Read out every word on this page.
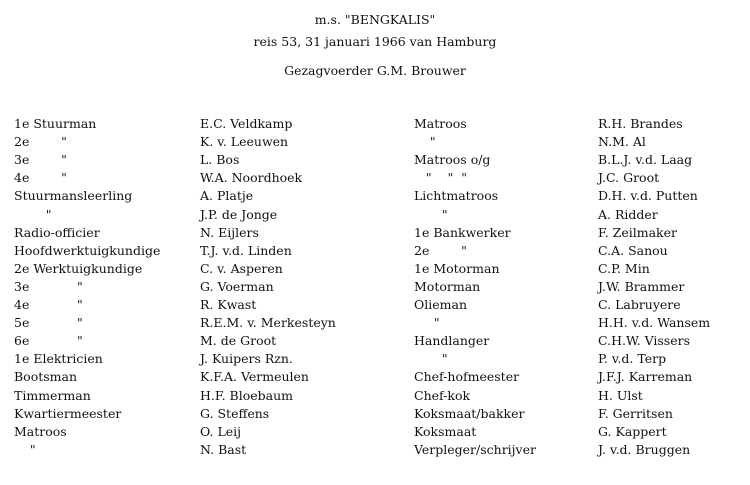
m.s. "BENGKALIS"
reis 53, 31 januari 1966 van Hamburg
Gezagvoerder G.M. Brouwer
1e Stuurman	E.C. Veldkamp	Matroos	R.H. Brandes
2e        "	K. v. Leeuwen	"	N.M. Al
3e        "	L. Bos	Matroos o/g	B.L.J. v.d. Laag
4e        "	W.A. Noordhoek	"    "  "	J.C. Groot
Stuurmansleerling	A. Platje	Lichtmatroos	D.H. v.d. Putten
"	J.P. de Jonge	"	A. Ridder
Radio-officier	N. Eijlers	1e Bankwerker	F. Zeilmaker
Hoofdwerktuigkundige	T.J. v.d. Linden	2e        "	C.A. Sanou
2e Werktuigkundige	C. v. Asperen	1e Motorman	C.P. Min
3e            "	G. Voerman	Motorman	J.W. Brammer
4e            "	R. Kwast	Olieman	C. Labruyere
5e            "	R.E.M. v. Merkesteyn	"	H.H. v.d. Wansem
6e            "	M. de Groot	Handlanger	C.H.W. Vissers
1e Elektricien	J. Kuipers Rzn.	"	P. v.d. Terp
Bootsman	K.F.A. Vermeulen	Chef-hofmeester	J.F.J. Karreman
Timmerman	H.F. Bloebaum	Chef-kok	H. Ulst
Kwartiermeester	G. Steffens	Koksmaat/bakker	F. Gerritsen
Matroos	O. Leij	Koksmaat	G. Kappert
"	N. Bast	Verpleger/schrijver	J. v.d. Bruggen
